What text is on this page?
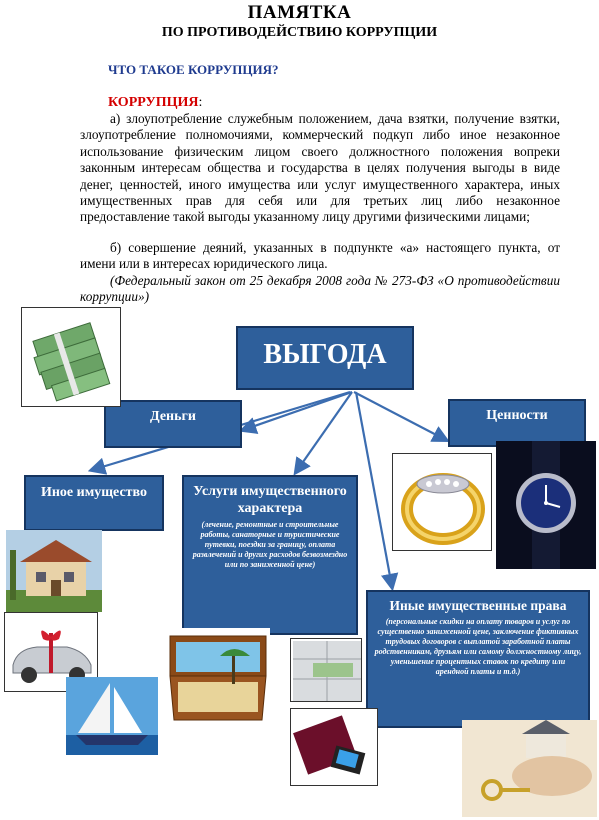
ПАМЯТКА
ПО ПРОТИВОДЕЙСТВИЮ КОРРУПЦИИ
ЧТО ТАКОЕ КОРРУПЦИЯ?
КОРРУПЦИЯ:
а) злоупотребление служебным положением, дача взятки, получение взятки, злоупотребление полномочиями, коммерческий подкуп либо иное незаконное использование физическим лицом своего должностного положения вопреки законным интересам общества и государства в целях получения выгоды в виде денег, ценностей, иного имущества или услуг имущественного характера, иных имущественных прав для себя или для третьих лиц либо незаконное предоставление такой выгоды указанному лицу другими физическими лицами;
б) совершение деяний, указанных в подпункте «а» настоящего пункта, от имени или в интересах юридического лица.
(Федеральный закон от 25 декабря 2008 года № 273-ФЗ «О противодействии коррупции»)
ВЫГОДА
Деньги	Ценности
Иное имущество	Услуги имущественного характера
(лечение, ремонтные и строительные работы, санаторные и туристические путевки, поездки за границу, оплата развлечений и других расходов безвозмездно или по заниженной цене)
Иные имущественные права
(персональные скидки на оплату товаров и услуг по существенно заниженной цене, заключение фиктивных трудовых договоров с выплатой заработной платы родственникам, друзьям или самому должностному лицу, уменьшение процентных ставок по кредиту или арендной платы и т.д.)
